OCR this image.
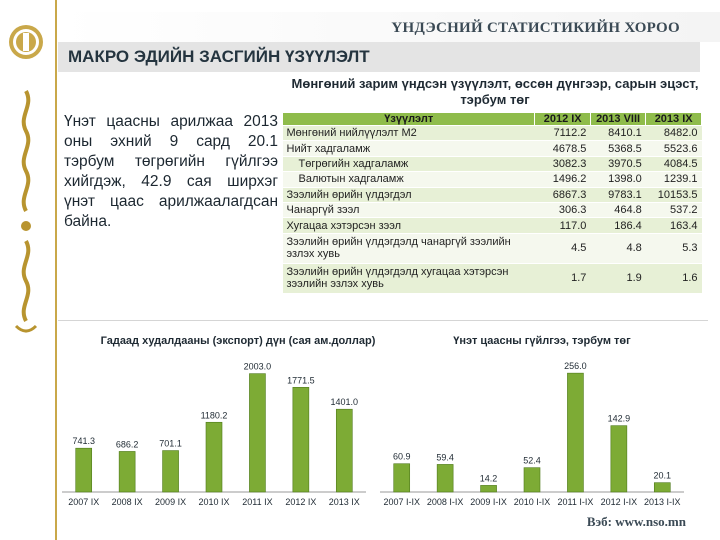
ҮНДЭСНИЙ СТАТИСТИКИЙН ХОРОО
МАКРО ЭДИЙН ЗАСГИЙН ҮЗҮҮЛЭЛТ
Үнэт цаасны арилжаа 2013 оны эхний 9 сард 20.1 тэрбум төгрөгийн гүйлгээ хийгдэж, 42.9 сая ширхэг үнэт цаас арилжаалагдсан байна.
Мөнгөний зарим үндсэн үзүүлэлт, өссөн дүнгээр, сарын эцэст, тэрбум төг
Үзүүлэлт	2012 IX	2013 VIII	2013 IX
Мөнгөний нийлүүлэлт M2	7112.2	8410.1	8482.0
Нийт хадгаламж	4678.5	5368.5	5523.6
Төгрөгийн хадгаламж	3082.3	3970.5	4084.5
Валютын хадгаламж	1496.2	1398.0	1239.1
Зээлийн өрийн үлдэгдэл	6867.3	9783.1	10153.5
Чанаргүй зээл	306.3	464.8	537.2
Хугацаа хэтэрсэн зээл	117.0	186.4	163.4
Зээлийн өрийн үлдэгдэлд чанаргүй зээлийн эзлэх хувь	4.5	4.8	5.3
Зээлийн өрийн үлдэгдэлд хугацаа хэтэрсэн зээлийн эзлэх хувь	1.7	1.9	1.6
Гадаад худалдааны (экспорт) дүн (сая ам.доллар)
741.3
2007 IX
686.2
2008 IX
701.1
2009 IX
1180.2
2010 IX
2003.0
2011 IX
1771.5
2012 IX
1401.0
2013 IX
Үнэт цаасны гүйлгээ, тэрбум төг
60.9
2007 I-IX
59.4
2008 I-IX
14.2
2009 I-IX
52.4
2010 I-IX
256.0
2011 I-IX
142.9
2012 I-IX
20.1
2013 I-IX
Вэб: www.nso.mn
